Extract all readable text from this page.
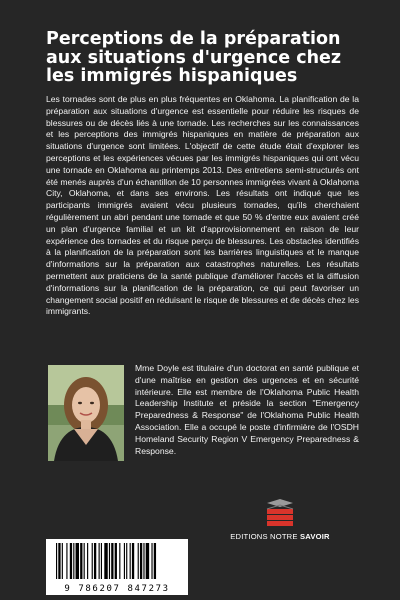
Perceptions de la préparation aux situations d'urgence chez les immigrés hispaniques
Les tornades sont de plus en plus fréquentes en Oklahoma. La planification de la préparation aux situations d'urgence est essentielle pour réduire les risques de blessures ou de décès liés à une tornade. Les recherches sur les connaissances et les perceptions des immigrés hispaniques en matière de préparation aux situations d'urgence sont limitées. L'objectif de cette étude était d'explorer les perceptions et les expériences vécues par les immigrés hispaniques qui ont vécu une tornade en Oklahoma au printemps 2013. Des entretiens semi-structurés ont été menés auprès d'un échantillon de 10 personnes immigrées vivant à Oklahoma City, Oklahoma, et dans ses environs. Les résultats ont indiqué que les participants immigrés avaient vécu plusieurs tornades, qu'ils cherchaient régulièrement un abri pendant une tornade et que 50 % d'entre eux avaient créé un plan d'urgence familial et un kit d'approvisionnement en raison de leur expérience des tornades et du risque perçu de blessures. Les obstacles identifiés à la planification de la préparation sont les barrières linguistiques et le manque d'informations sur la préparation aux catastrophes naturelles. Les résultats permettent aux praticiens de la santé publique d'améliorer l'accès et la diffusion d'informations sur la planification de la préparation, ce qui peut favoriser un changement social positif en réduisant le risque de blessures et de décès chez les immigrants.
Mme Doyle est titulaire d'un doctorat en santé publique et d'une maîtrise en gestion des urgences et en sécurité intérieure. Elle est membre de l'Oklahoma Public Health Leadership Institute et préside la section "Emergency Preparedness & Response" de l'Oklahoma Public Health Association. Elle a occupé le poste d'infirmière de l'OSDH Homeland Security Region V Emergency Preparedness & Response.
EDITIONS NOTRE SAVOIR
9 786207 847273
